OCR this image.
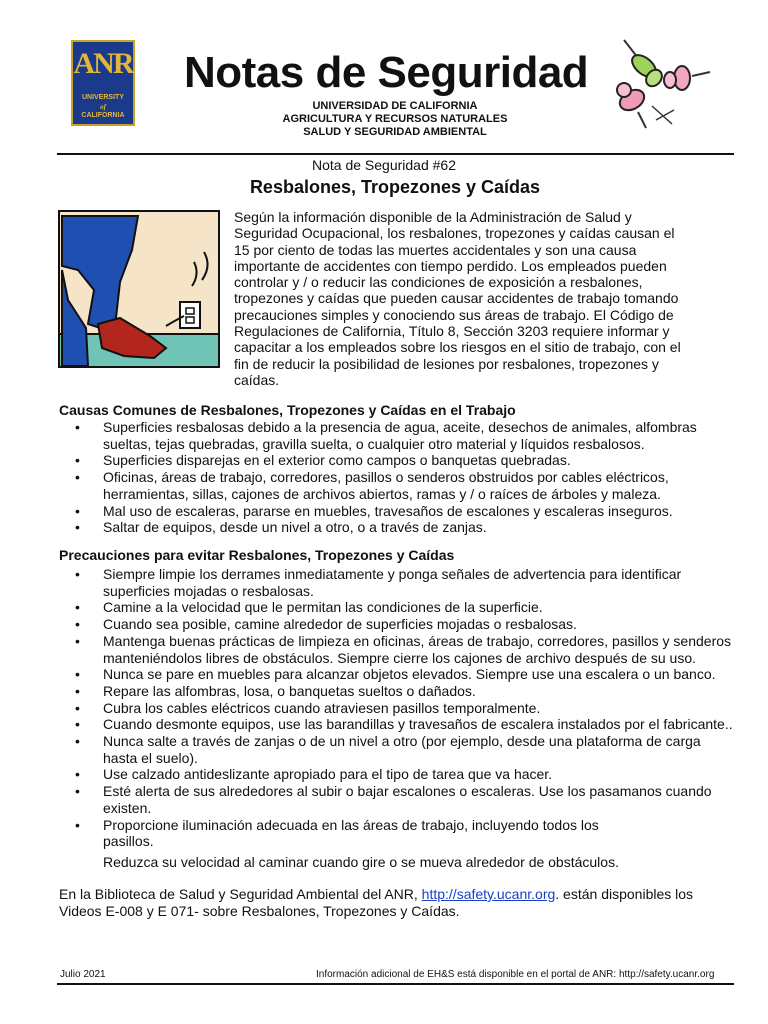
ANR
UNIVERSITY
of
CALIFORNIA
Notas de Seguridad
UNIVERSIDAD DE CALIFORNIA
AGRICULTURA Y RECURSOS NATURALES
SALUD Y SEGURIDAD AMBIENTAL
Nota de Seguridad #62
Resbalones, Tropezones y Caídas
Según la información disponible de la Administración de Salud y Seguridad Ocupacional, los resbalones, tropezones y caídas causan el 15 por ciento de todas las muertes accidentales y son una causa importante de accidentes con tiempo perdido. Los empleados pueden controlar y / o reducir las condiciones de exposición a resbalones, tropezones y caídas que pueden causar accidentes de trabajo tomando precauciones simples y conociendo sus áreas de trabajo. El Código de Regulaciones de California, Título 8, Sección 3203 requiere informar y capacitar a los empleados sobre los riesgos en el sitio de trabajo, con el fin de reducir la posibilidad de lesiones por resbalones, tropezones y caídas.
Causas Comunes de Resbalones, Tropezones y Caídas en el Trabajo
• Superficies resbalosas debido a la presencia de agua, aceite, desechos de animales, alfombras sueltas, tejas quebradas, gravilla suelta, o cualquier otro material y líquidos resbalosos.
• Superficies disparejas en el exterior como campos o banquetas quebradas.
• Oficinas, áreas de trabajo, corredores, pasillos o senderos obstruidos por cables eléctricos, herramientas, sillas, cajones de archivos abiertos, ramas y / o raíces de árboles y maleza.
• Mal uso de escaleras, pararse en muebles, travesaños de escalones y escaleras inseguros.
• Saltar de equipos, desde un nivel a otro, o a través de zanjas.
Precauciones para evitar Resbalones, Tropezones y Caídas
• Siempre limpie los derrames inmediatamente y ponga señales de advertencia para identificar superficies mojadas o resbalosas.
• Camine a la velocidad que le permitan las condiciones de la superficie.
• Cuando sea posible, camine alrededor de superficies mojadas o resbalosas.
• Mantenga buenas prácticas de limpieza en oficinas, áreas de trabajo, corredores, pasillos y senderos manteniéndolos libres de obstáculos. Siempre cierre los cajones de archivo después de su uso.
• Nunca se pare en muebles para alcanzar objetos elevados. Siempre use una escalera o un banco.
• Repare las alfombras, losa, o banquetas sueltos o dañados.
• Cubra los cables eléctricos cuando atraviesen pasillos temporalmente.
• Cuando desmonte equipos, use las barandillas y travesaños de escalera instalados por el fabricante..
• Nunca salte a través de zanjas o de un nivel a otro (por ejemplo, desde una plataforma de carga hasta el suelo).
• Use calzado antideslizante apropiado para el tipo de tarea que va hacer.
• Esté alerta de sus alrededores al subir o bajar escalones o escaleras. Use los pasamanos cuando existen.
• Proporcione iluminación adecuada en las áreas de trabajo, incluyendo todos los pasillos.
Reduzca su velocidad al caminar cuando gire o se mueva alrededor de obstáculos.
En la Biblioteca de Salud y Seguridad Ambiental del ANR, http://safety.ucanr.org. están disponibles los Videos E-008 y E 071- sobre Resbalones, Tropezones y Caídas.
Julio 2021	Información adicional de EH&S está disponible en el portal de ANR: http://safety.ucanr.org
